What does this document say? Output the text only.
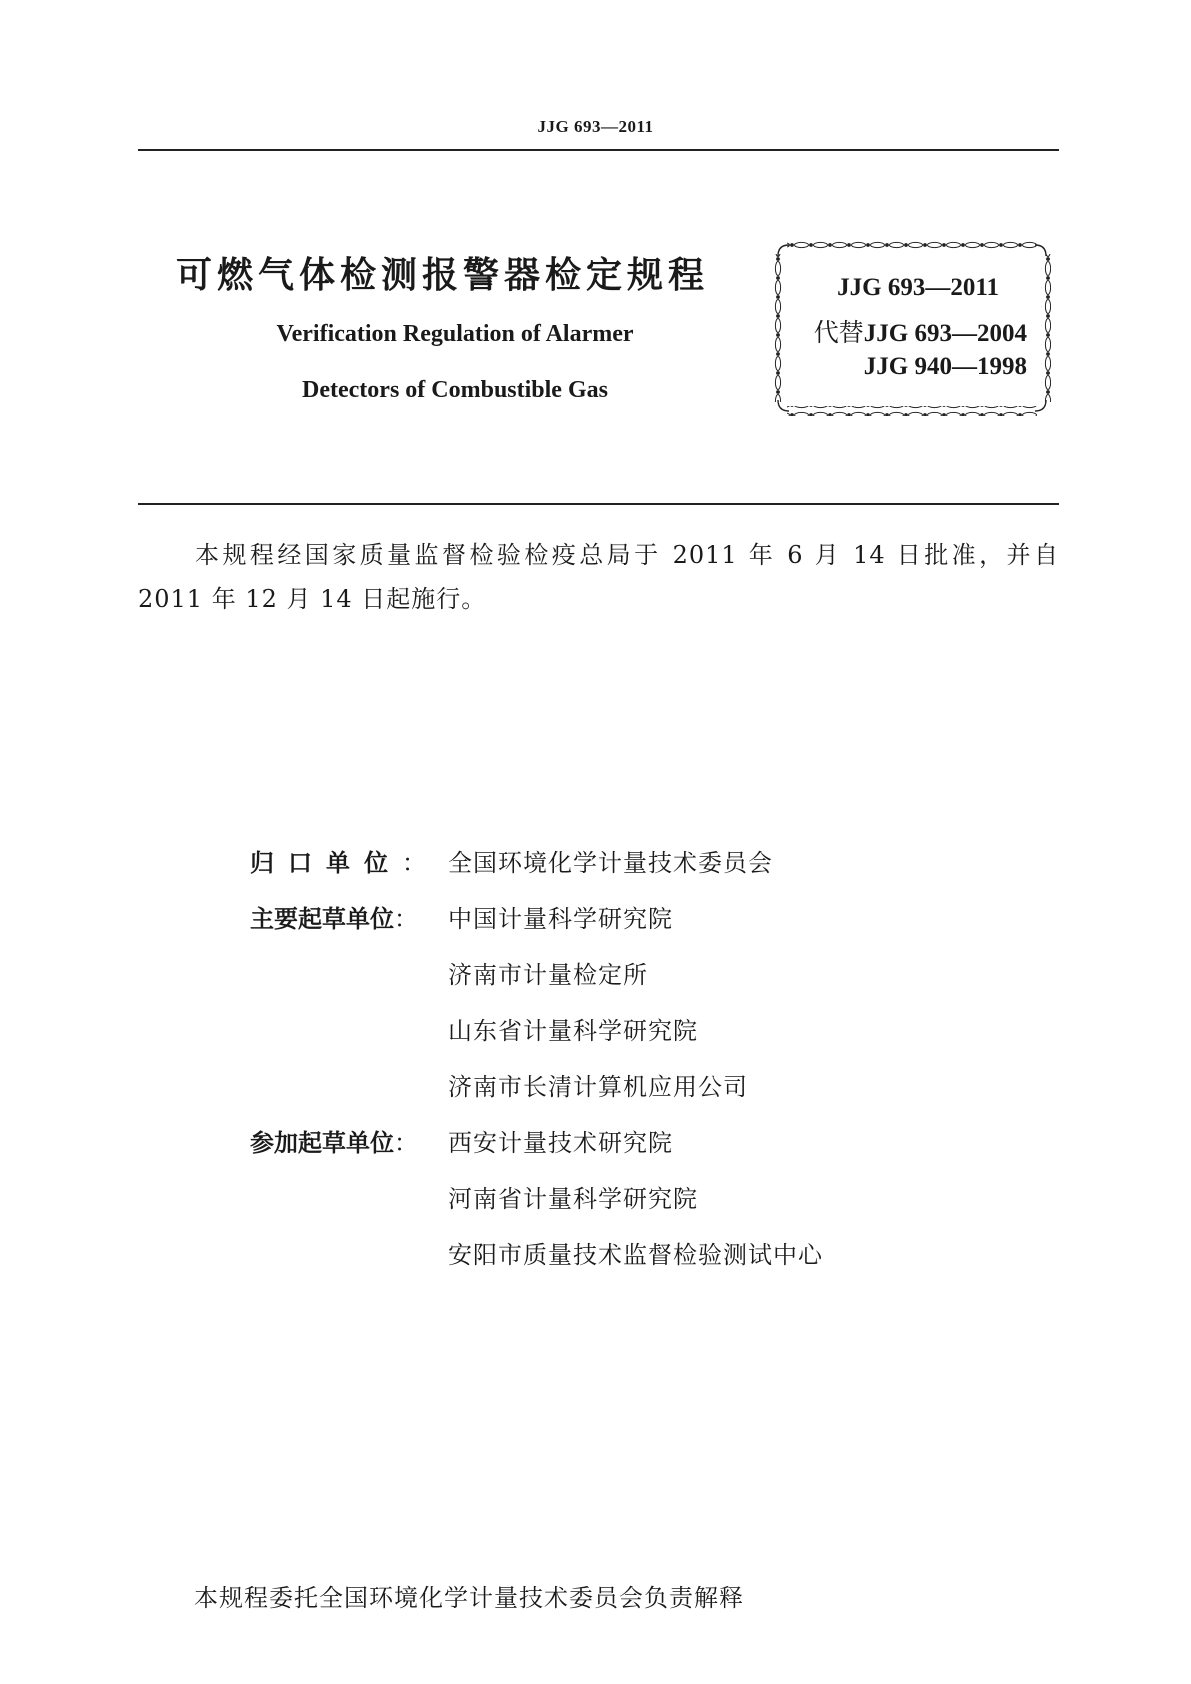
JJG 693—2011
可燃气体检测报警器检定规程
Verification Regulation of Alarmer
Detectors of Combustible Gas
JJG 693—2011
代替JJG 693—2004
JJG 940—1998
本规程经国家质量监督检验检疫总局于 2011 年 6 月 14 日批准，并自 2011 年 12 月 14 日起施行。
归口单位： 全国环境化学计量技术委员会
主要起草单位：	中国计量科学研究院
济南市计量检定所
山东省计量科学研究院
济南市长清计算机应用公司
参加起草单位：	西安计量技术研究院
河南省计量科学研究院
安阳市质量技术监督检验测试中心
本规程委托全国环境化学计量技术委员会负责解释
